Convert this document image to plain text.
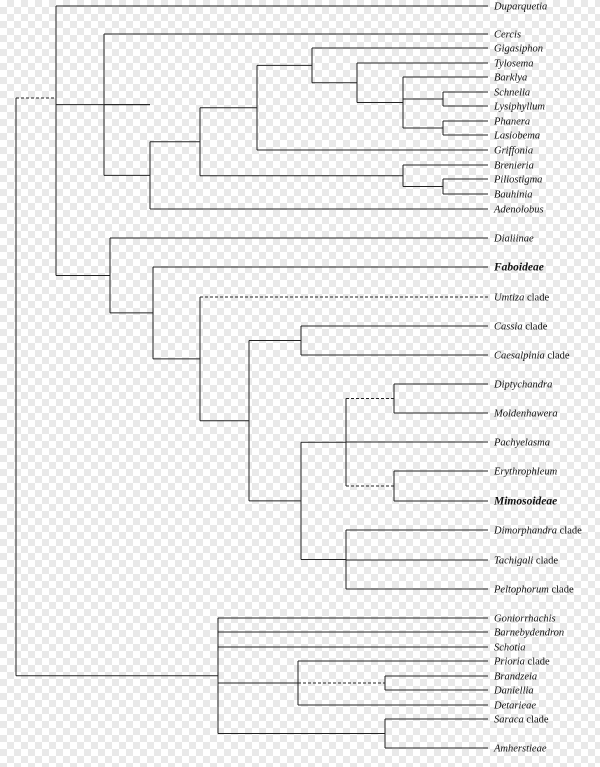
Duparquetia
Cercis
Gigasiphon
Tylosema
Barklya
Schnella
Lysiphyllum
Phanera
Lasiobema
Griffonia
Brenieria
Piliostigma
Bauhinia
Adenolobus
Dialiinae
Faboideae
Umtiza clade
Cassia clade
Caesalpinia clade
Diptychandra
Moldenhawera
Pachyelasma
Erythrophleum
Mimosoideae
Dimorphandra clade
Tachigali clade
Peltophorum clade
Goniorrhachis
Barnebydendron
Schotia
Prioria clade
Brandzeia
Daniellia
Detarieae
Saraca clade
Amherstieae
